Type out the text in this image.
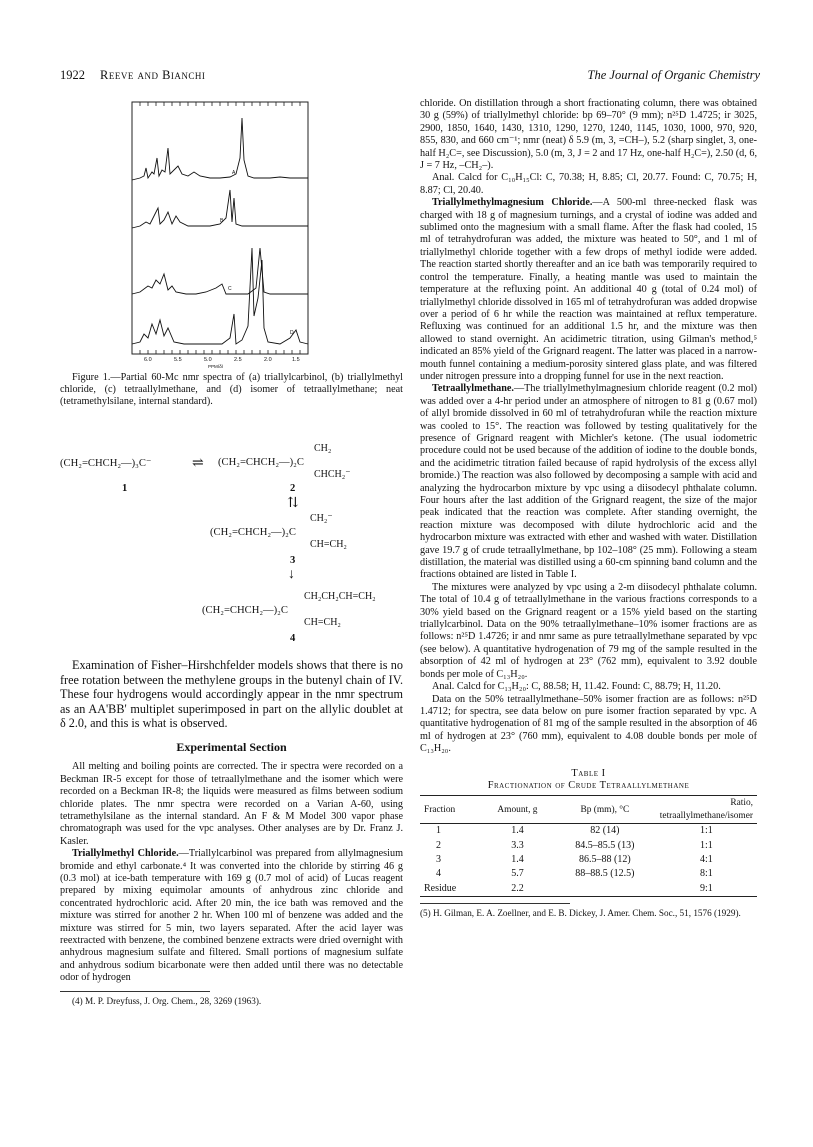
1922 Reeve and Bianchi	The Journal of Organic Chemistry
A
B
C
D
6.0	5.5	5.0	2.5	2.0	1.5
PPM(δ)

Figure 1.—Partial 60-Mc nmr spectra of (a) triallylcarbinol, (b) triallylmethyl chloride, (c) tetraallylmethane, and (d) isomer of tetraallylmethane; neat (tetramethylsilane, internal standard).

(CH₂=CHCH₂—)₃C⁻	⇌ (CH₂=CHCH₂—)₂C
CH₂
CHCH₂⁻
1	2
⇅
(CH₂=CHCH₂—)₂C
CH₂⁻
CH=CH₂
3
↓
(CH₂=CHCH₂—)₂C
CH₂CH₂CH=CH₂
CH=CH₂
4

Examination of Fisher–Hirshchfelder models shows that there is no free rotation between the methylene groups in the butenyl chain of IV. These four hydrogens would accordingly appear in the nmr spectrum as an AA'BB' multiplet superimposed in part on the allylic doublet at δ 2.0, and this is what is observed.

Experimental Section

All melting and boiling points are corrected. The ir spectra were recorded on a Beckman IR-5 except for those of tetraallylmethane and the isomer which were recorded on a Beckman IR-8; the liquids were measured as films between sodium chloride plates. The nmr spectra were recorded on a Varian A-60, using tetramethylsilane as the internal standard. An F & M Model 300 vapor phase chromatograph was used for the vpc analyses. Other analyses are by Dr. Franz J. Kasler.

Triallylmethyl Chloride.—Triallylcarbinol was prepared from allylmagnesium bromide and ethyl carbonate.⁴ It was converted into the chloride by stirring 46 g (0.3 mol) at ice-bath temperature with 169 g (0.7 mol of acid) of Lucas reagent prepared by mixing equimolar amounts of anhydrous zinc chloride and concentrated hydrochloric acid. After 20 min, the ice bath was removed and the mixture was stirred for another 2 hr. When 100 ml of benzene was added and the mixture was stirred for 5 min, two layers separated. After the acid layer was reextracted with benzene, the combined benzene extracts were dried overnight with anhydrous magnesium sulfate and filtered. Small portions of magnesium sulfate and anhydrous sodium bicarbonate were then added until there was no detectable odor of hydrogen

(4) M. P. Dreyfuss, J. Org. Chem., 28, 3269 (1963).

chloride. On distillation through a short fractionating column, there was obtained 30 g (59%) of triallylmethyl chloride: bp 69–70° (9 mm); n²⁵D 1.4725; ir 3025, 2900, 1850, 1640, 1430, 1310, 1290, 1270, 1240, 1145, 1030, 1000, 970, 920, 855, 830, and 660 cm⁻¹; nmr (neat) δ 5.9 (m, 3, =CH–), 5.2 (sharp singlet, 3, one-half H₂C=, see Discussion), 5.0 (m, 3, J = 2 and 17 Hz, one-half H₂C=), 2.50 (d, 6, J = 7 Hz, –CH₂–).

Anal. Calcd for C₁₀H₁₅Cl: C, 70.38; H, 8.85; Cl, 20.77. Found: C, 70.75; H, 8.87; Cl, 20.40.

Triallylmethylmagnesium Chloride.—A 500-ml three-necked flask was charged with 18 g of magnesium turnings, and a crystal of iodine was added and sublimed onto the magnesium with a small flame. After the flask had cooled, 15 ml of tetrahydrofuran was added, the mixture was heated to 50°, and 1 ml of triallylmethyl chloride together with a few drops of methyl iodide were added. The reaction started shortly thereafter and an ice bath was temporarily required to control the temperature. Finally, a heating mantle was used to maintain the temperature at the refluxing point. An additional 40 g (total of 0.24 mol) of triallylmethyl chloride dissolved in 165 ml of tetrahydrofuran was added dropwise over a period of 6 hr while the reaction was maintained at reflux temperature. Refluxing was continued for an additional 1.5 hr, and the mixture was then allowed to stand overnight. An acidimetric titration, using Gilman's method,⁵ indicated an 85% yield of the Grignard reagent. The latter was placed in a narrow-mouth funnel containing a medium-porosity sintered glass plate, and was filtered under nitrogen pressure into a dropping funnel for use in the next reaction.

Tetraallylmethane.—The triallylmethylmagnesium chloride reagent (0.2 mol) was added over a 4-hr period under an atmosphere of nitrogen to 81 g (0.67 mol) of allyl bromide dissolved in 60 ml of tetrahydrofuran while the reaction mixture was cooled to 15°. The reaction was followed by testing qualitatively for the presence of Grignard reagent with Michler's ketone. (The usual iodometric procedure could not be used because of the addition of iodine to the double bonds, and the acidimetric titration failed because of rapid hydrolysis of the excess allyl bromide.) The reaction was also followed by decomposing a sample with acid and analyzing the hydrocarbon mixture by vpc using a diisodecyl phthalate column. Four hours after the last addition of the Grignard reagent, the size of the major peak indicated that the reaction was complete. After standing overnight, the reaction mixture was decomposed with dilute hydrochloric acid and the hydrocarbon mixture was extracted with ether and washed with water. Distillation gave 19.7 g of crude tetraallylmethane, bp 102–108° (25 mm). Following a steam distillation, the material was distilled using a 60-cm spinning band column and the fractions obtained are listed in Table I.

The mixtures were analyzed by vpc using a 2-m diisodecyl phthalate column. The total of 10.4 g of tetraallylmethane in the various fractions corresponds to a 30% yield based on the Grignard reagent or a 15% yield based on the starting triallylcarbinol. Data on the 90% tetraallylmethane–10% isomer fractions are as follows: n²⁵D 1.4726; ir and nmr same as pure tetraallylmethane separated by vpc (see below). A quantitative hydrogenation of 79 mg of the sample resulted in the absorption of 42 ml of hydrogen at 23° (762 mm), equivalent to 3.92 double bonds per mole of C₁₃H₂₀.

Anal. Calcd for C₁₃H₂₀: C, 88.58; H, 11.42. Found: C, 88.79; H, 11.20.

Data on the 50% tetraallylmethane–50% isomer fraction are as follows: n²⁵D 1.4712; for spectra, see data below on pure isomer fraction separated by vpc. A quantitative hydrogenation of 81 mg of the sample resulted in the absorption of 46 ml of hydrogen at 23° (760 mm), equivalent to 4.08 double bonds per mole of C₁₃H₂₀.

Table I
Fractionation of Crude Tetraallylmethane
Fraction	Amount, g	Bp (mm), °C	Ratio, tetraallylmethane/isomer
1	1.4	82 (14)	1:1
2	3.3	84.5–85.5 (13)	1:1
3	1.4	86.5–88 (12)	4:1
4	5.7	88–88.5 (12.5)	8:1
Residue	2.2		9:1

(5) H. Gilman, E. A. Zoellner, and E. B. Dickey, J. Amer. Chem. Soc., 51, 1576 (1929).
